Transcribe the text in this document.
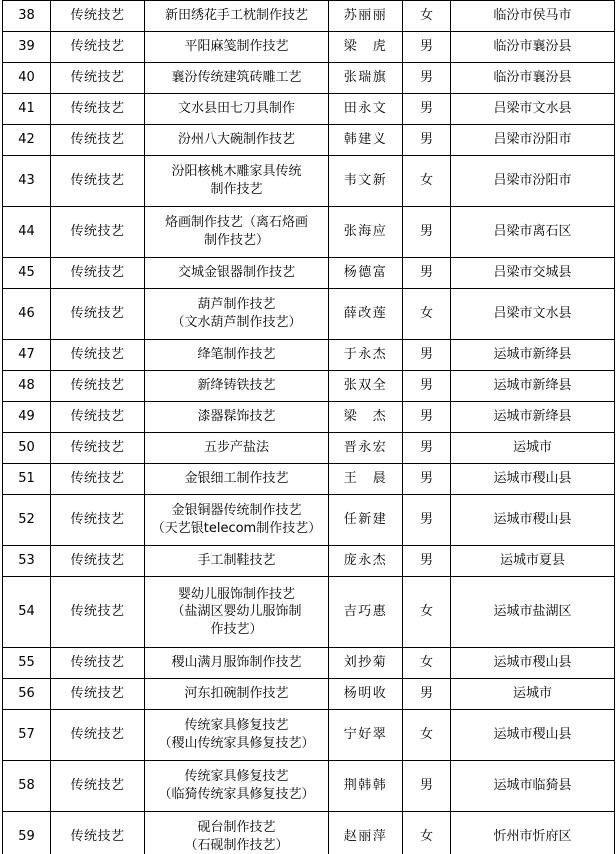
38	传统技艺	新田绣花手工枕制作技艺	苏丽丽	女	临汾市侯马市
39	传统技艺	平阳麻笺制作技艺	梁　虎	男	临汾市襄汾县
40	传统技艺	襄汾传统建筑砖雕工艺	张瑞旗	男	临汾市襄汾县
41	传统技艺	文水县田七刀具制作	田永文	男	吕梁市文水县
42	传统技艺	汾州八大碗制作技艺	韩建义	男	吕梁市汾阳市
43	传统技艺	汾阳核桃木雕家具传统
制作技艺	韦文新	女	吕梁市汾阳市
44	传统技艺	烙画制作技艺（离石烙画
制作技艺）	张海应	男	吕梁市离石区
45	传统技艺	交城金银器制作技艺	杨德富	男	吕梁市交城县
46	传统技艺	葫芦制作技艺
（文水葫芦制作技艺）	薛改莲	女	吕梁市文水县
47	传统技艺	绛笔制作技艺	于永杰	男	运城市新绛县
48	传统技艺	新绛铸铁技艺	张双全	男	运城市新绛县
49	传统技艺	漆器髹饰技艺	梁　杰	男	运城市新绛县
50	传统技艺	五步产盐法	晋永宏	男	运城市
51	传统技艺	金银细工制作技艺	王　晨	男	运城市稷山县
52	传统技艺	金银铜器传统制作技艺
（天艺银telecom制作技艺）	任新建	男	运城市稷山县
53	传统技艺	手工制鞋技艺	庞永杰	男	运城市夏县
54	传统技艺	婴幼儿服饰制作技艺
（盐湖区婴幼儿服饰制
作技艺）	吉巧惠	女	运城市盐湖区
55	传统技艺	稷山满月服饰制作技艺	刘抄菊	女	运城市稷山县
56	传统技艺	河东扣碗制作技艺	杨明收	男	运城市
57	传统技艺	传统家具修复技艺
（稷山传统家具修复技艺）	宁好翠	女	运城市稷山县
58	传统技艺	传统家具修复技艺
（临猗传统家具修复技艺）	荆韩韩	男	运城市临猗县
59	传统技艺	砚台制作技艺
（石砚制作技艺）	赵丽萍	女	忻州市忻府区
